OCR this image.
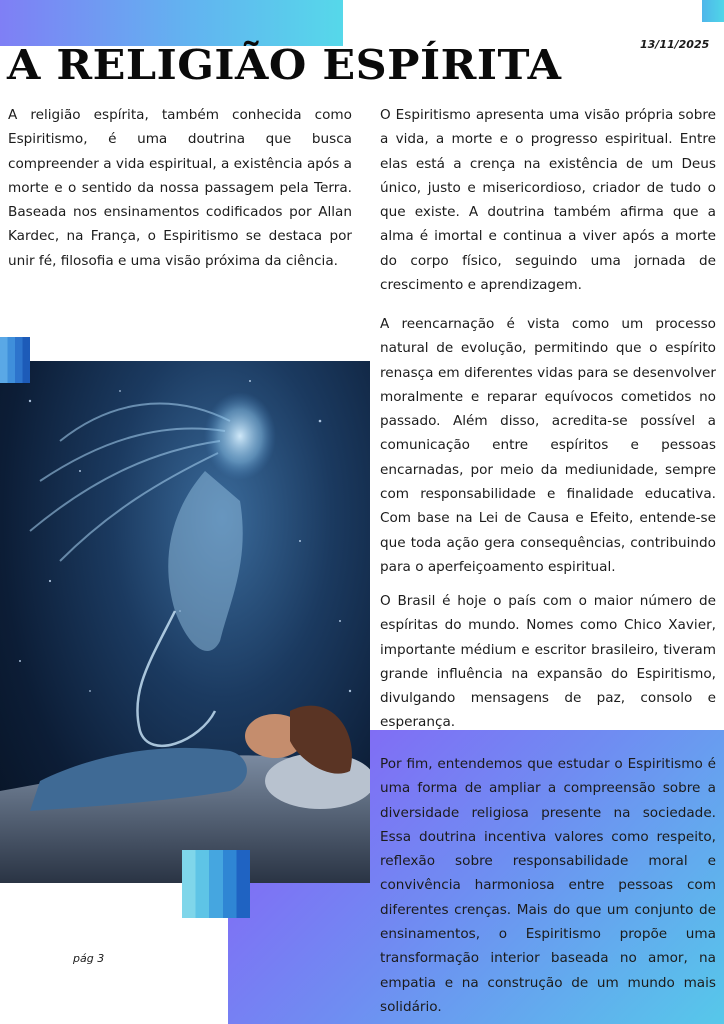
13/11/2025
A RELIGIÃO ESPÍRITA

A religião espírita, também conhecida como Espiritismo, é uma doutrina que busca compreender a vida espiritual, a existência após a morte e o sentido da nossa passagem pela Terra. Baseada nos ensinamentos codificados por Allan Kardec, na França, o Espiritismo se destaca por unir fé, filosofia e uma visão próxima da ciência.

O Espiritismo apresenta uma visão própria sobre a vida, a morte e o progresso espiritual. Entre elas está a crença na existência de um Deus único, justo e misericordioso, criador de tudo o que existe. A doutrina também afirma que a alma é imortal e continua a viver após a morte do corpo físico, seguindo uma jornada de crescimento e aprendizagem.

A reencarnação é vista como um processo natural de evolução, permitindo que o espírito renasça em diferentes vidas para se desenvolver moralmente e reparar equívocos cometidos no passado. Além disso, acredita-se possível a comunicação entre espíritos e pessoas encarnadas, por meio da mediunidade, sempre com responsabilidade e finalidade educativa. Com base na Lei de Causa e Efeito, entende-se que toda ação gera consequências, contribuindo para o aperfeiçoamento espiritual.

O Brasil é hoje o país com o maior número de espíritas do mundo. Nomes como Chico Xavier, importante médium e escritor brasileiro, tiveram grande influência na expansão do Espiritismo, divulgando mensagens de paz, consolo e esperança.

Por fim, entendemos que estudar o Espiritismo é uma forma de ampliar a compreensão sobre a diversidade religiosa presente na sociedade. Essa doutrina incentiva valores como respeito, reflexão sobre responsabilidade moral e convivência harmoniosa entre pessoas com diferentes crenças. Mais do que um conjunto de ensinamentos, o Espiritismo propõe uma transformação interior baseada no amor, na empatia e na construção de um mundo mais solidário.

pág 3
